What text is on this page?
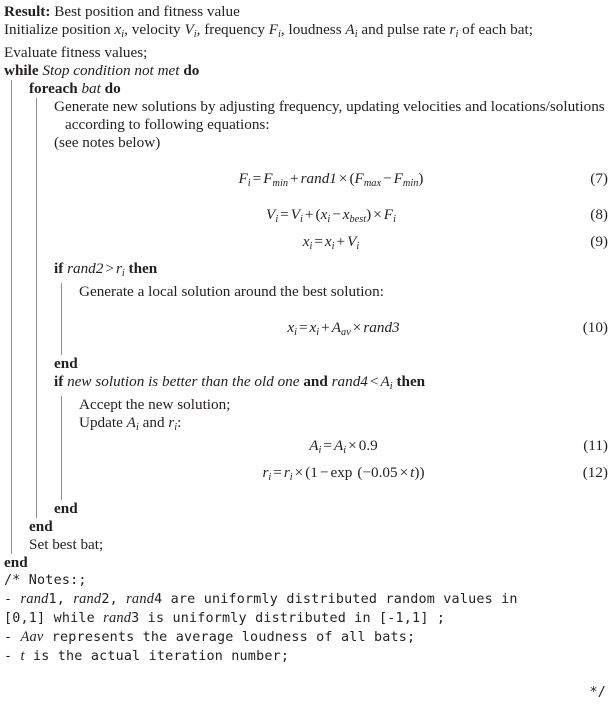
Result: Best position and fitness value
Initialize position $x_i$, velocity $V_i$, frequency $F_i$, loudness $A_i$ and pulse rate $r_i$ of each bat;
Evaluate fitness values;
while Stop condition not met do
foreach bat do
Generate new solutions by adjusting frequency, updating velocities and locations/solutions according to following equations:
(see notes below)
$F_i = F_{min}$ + rand1 × $(F_{max} - F_{min})$	(7)
$V_i = V_i + (x_i - x_{best}) \times F_i$	(8)
$x_i = x_i + V_i$	(9)
if rand2 > $r_i$ then
Generate a local solution around the best solution:
$x_i = x_i + A_{av}$ × rand3	(10)
end
if new solution is better than the old one and rand4 < $A_i$ then
Accept the new solution;
Update $A_i$ and $r_i$:
$A_i = A_i \times 0.9$	(11)
$r_i = r_i \times (1 - \exp (-0.05 \times t))$	(12)
end
end
Set best bat;
end
/* Notes:;
- rand1, rand2, rand4 are uniformly distributed random values in
[0,1] while rand3 is uniformly distributed in [-1,1] ;
- Aav represents the average loudness of all bats;
- t is the actual iteration number;
*/
